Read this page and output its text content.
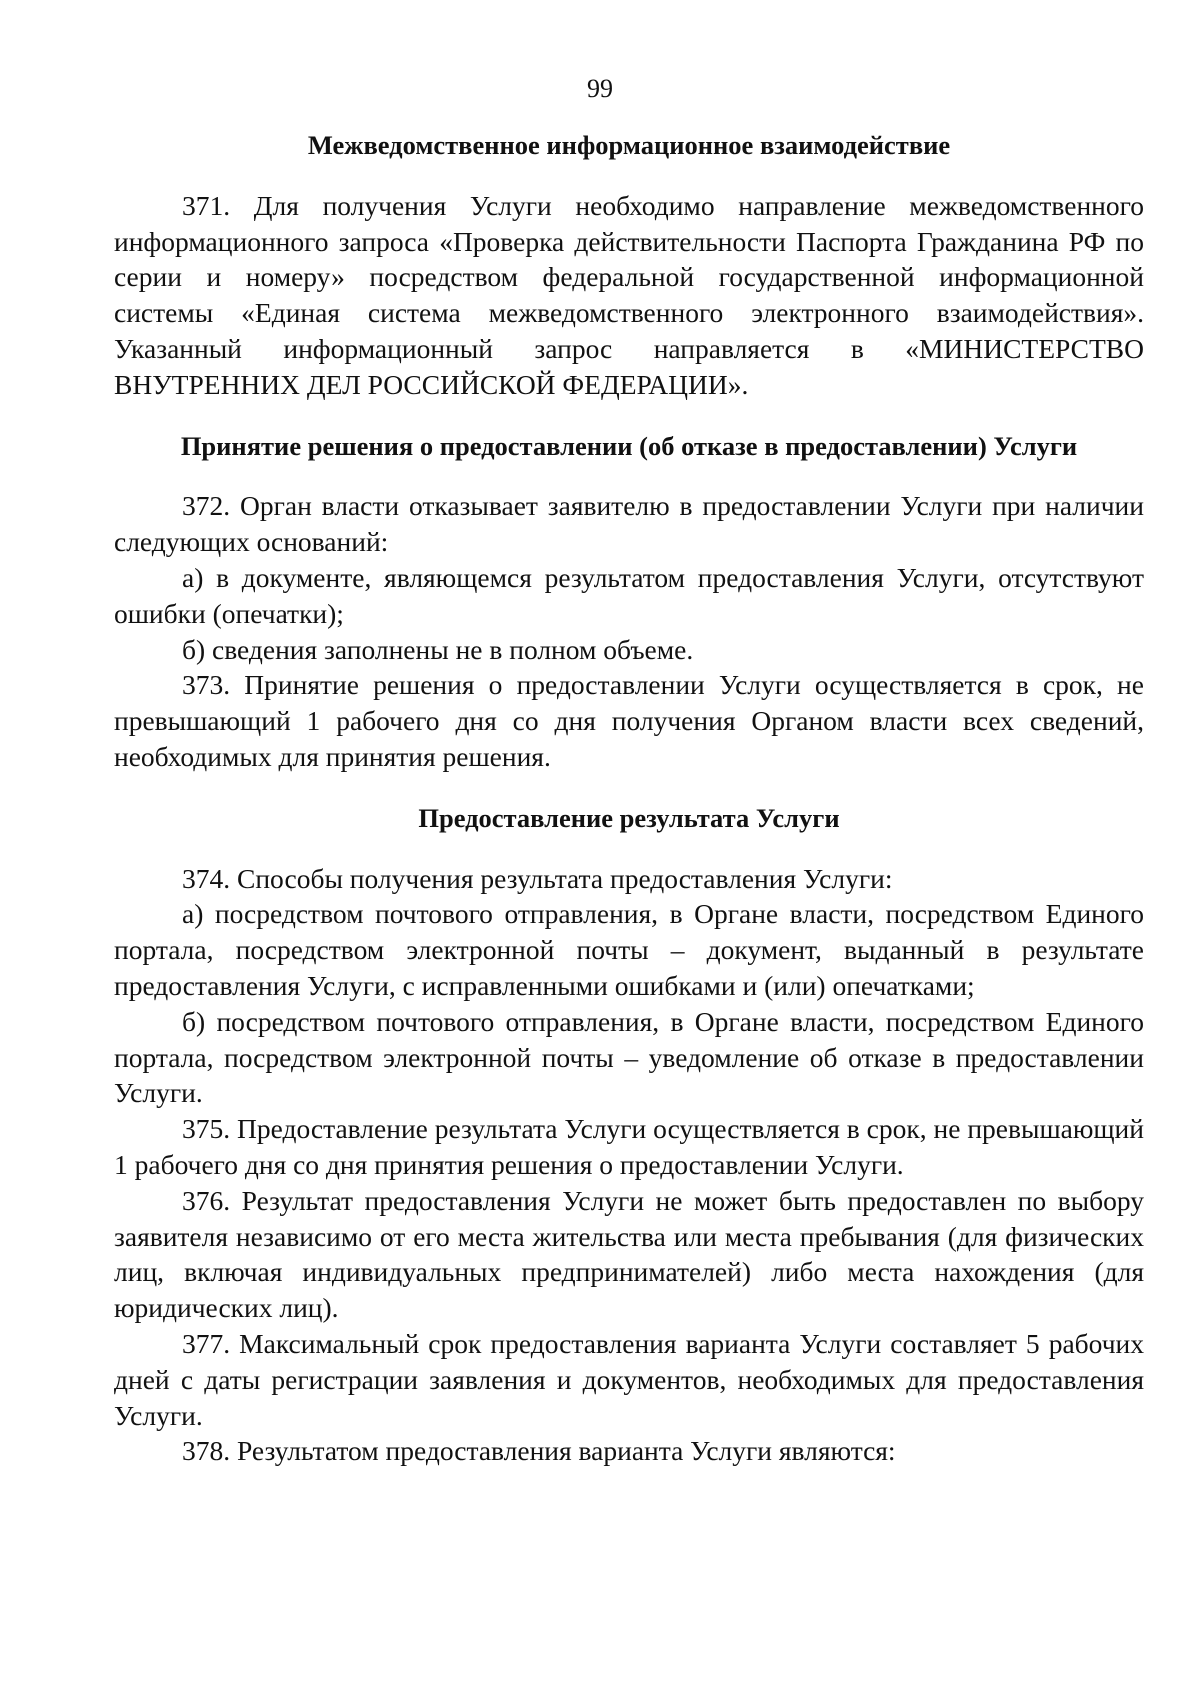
99
Межведомственное информационное взаимодействие

371. Для получения Услуги необходимо направление межведомственного информационного запроса «Проверка действительности Паспорта Гражданина РФ по серии и номеру» посредством федеральной государственной информационной системы «Единая система межведомственного электронного взаимодействия». Указанный информационный запрос направляется в «МИНИСТЕРСТВО ВНУТРЕННИХ ДЕЛ РОССИЙСКОЙ ФЕДЕРАЦИИ».

Принятие решения о предоставлении (об отказе в предоставлении) Услуги

372. Орган власти отказывает заявителю в предоставлении Услуги при наличии следующих оснований:

а) в документе, являющемся результатом предоставления Услуги, отсутствуют ошибки (опечатки);

б) сведения заполнены не в полном объеме.

373. Принятие решения о предоставлении Услуги осуществляется в срок, не превышающий 1 рабочего дня со дня получения Органом власти всех сведений, необходимых для принятия решения.

Предоставление результата Услуги

374. Способы получения результата предоставления Услуги:

а) посредством почтового отправления, в Органе власти, посредством Единого портала, посредством электронной почты – документ, выданный в результате предоставления Услуги, с исправленными ошибками и (или) опечатками;

б) посредством почтового отправления, в Органе власти, посредством Единого портала, посредством электронной почты – уведомление об отказе в предоставлении Услуги.

375. Предоставление результата Услуги осуществляется в срок, не превышающий 1 рабочего дня со дня принятия решения о предоставлении Услуги.

376. Результат предоставления Услуги не может быть предоставлен по выбору заявителя независимо от его места жительства или места пребывания (для физических лиц, включая индивидуальных предпринимателей) либо места нахождения (для юридических лиц).

377. Максимальный срок предоставления варианта Услуги составляет 5 рабочих дней с даты регистрации заявления и документов, необходимых для предоставления Услуги.

378. Результатом предоставления варианта Услуги являются:
